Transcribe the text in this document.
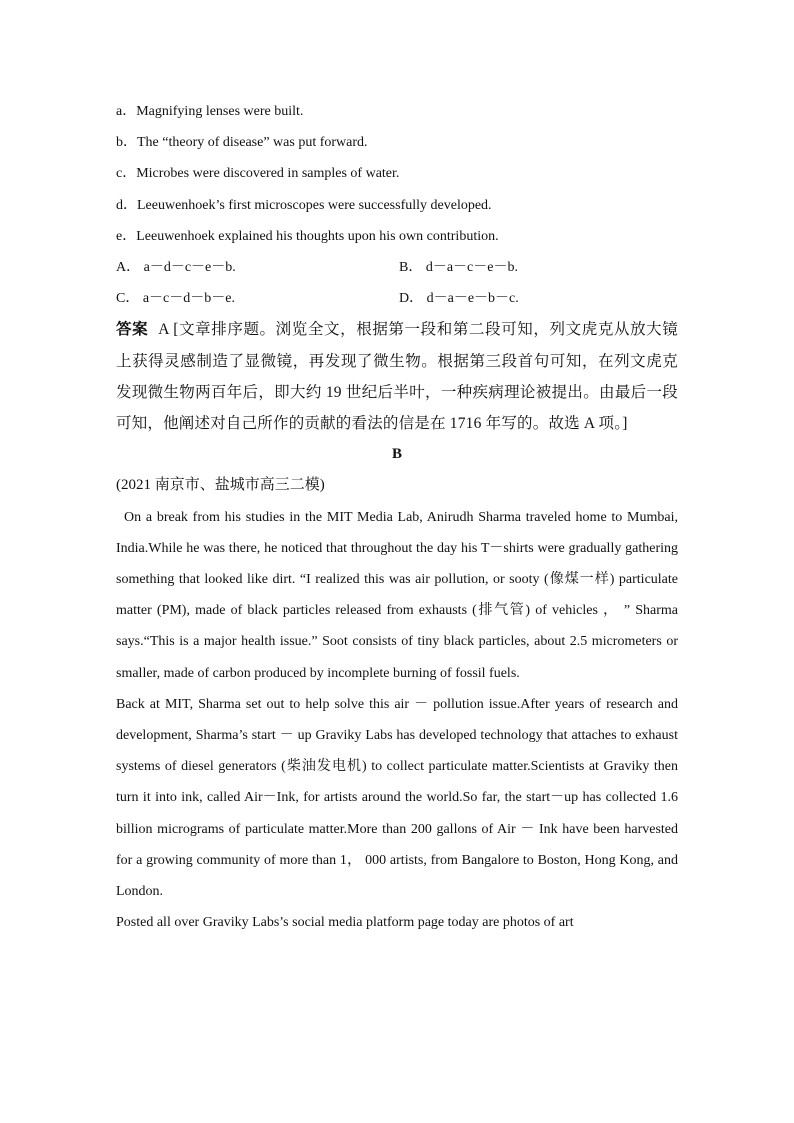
a．Magnifying lenses were built.
b．The “theory of disease” was put forward.
c．Microbes were discovered in samples of water.
d．Leeuwenhoek’s first microscopes were successfully developed.
e．Leeuwenhoek explained his thoughts upon his own contribution.
A． a－d－c－e－b.	B． d－a－c－e－b.
C． a－c－d－b－e.	D． d－a－e－b－c.
答案 A [文章排序题。浏览全文，根据第一段和第二段可知，列文虎克从放大镜上获得灵感制造了显微镜，再发现了微生物。根据第三段首句可知，在列文虎克发现微生物两百年后，即大约 19 世纪后半叶，一种疾病理论被提出。由最后一段可知，他阐述对自己所作的贡献的看法的信是在 1716 年写的。故选 A 项。]
B
(2021 南京市、盐城市高三二模)

On a break from his studies in the MIT Media Lab, Anirudh Sharma traveled home to Mumbai, India.While he was there, he noticed that throughout the day his T－shirts were gradually gathering something that looked like dirt. “I realized this was air pollution, or sooty (像煤一样) particulate matter (PM), made of black particles released from exhausts (排气管) of vehicles ， ” Sharma says.“This is a major health issue.” Soot consists of tiny black particles, about 2.5 micrometers or smaller, made of carbon produced by incomplete burning of fossil fuels.

Back at MIT, Sharma set out to help solve this air － pollution issue.After years of research and development, Sharma’s start － up Graviky Labs has developed technology that attaches to exhaust systems of diesel generators (柴油发电机) to collect particulate matter.Scientists at Graviky then turn it into ink, called Air－Ink, for artists around the world.So far, the start－up has collected 1.6 billion micrograms of particulate matter.More than 200 gallons of Air － Ink have been harvested for a growing community of more than 1， 000 artists, from Bangalore to Boston, Hong Kong, and London.

Posted all over Graviky Labs’s social media platform page today are photos of art
